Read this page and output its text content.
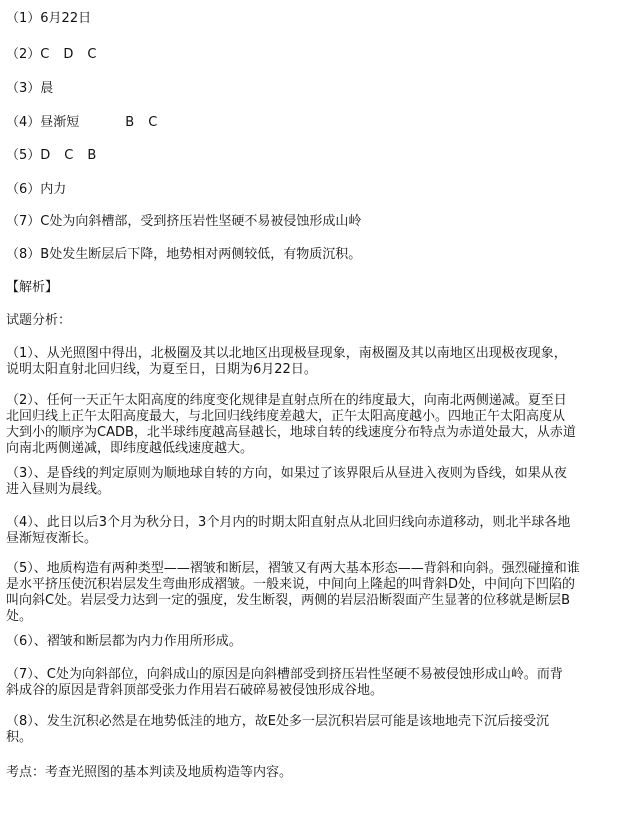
（1）6月22日
（2）C D C
（3）晨
（4）昼渐短	B C
（5）D C B
（6）内力
（7）C处为向斜槽部，受到挤压岩性坚硬不易被侵蚀形成山岭
（8）B处发生断层后下降，地势相对两侧较低，有物质沉积。
【解析】
试题分析：
（1）、从光照图中得出，北极圈及其以北地区出现极昼现象，南极圈及其以南地区出现极夜现象，
说明太阳直射北回归线，为夏至日，日期为6月22日。
（2）、任何一天正午太阳高度的纬度变化规律是直射点所在的纬度最大，向南北两侧递减。夏至日
北回归线上正午太阳高度最大，与北回归线纬度差越大，正午太阳高度越小。四地正午太阳高度从
大到小的顺序为CADB，北半球纬度越高昼越长，地球自转的线速度分布特点为赤道处最大，从赤道
向南北两侧递减，即纬度越低线速度越大。
（3）、是昏线的判定原则为顺地球自转的方向，如果过了该界限后从昼进入夜则为昏线，如果从夜
进入昼则为晨线。
（4）、此日以后3个月为秋分日，3个月内的时期太阳直射点从北回归线向赤道移动，则北半球各地
昼渐短夜渐长。
（5）、地质构造有两种类型——褶皱和断层，褶皱又有两大基本形态——背斜和向斜。强烈碰撞和谁
是水平挤压使沉积岩层发生弯曲形成褶皱。一般来说，中间向上隆起的叫背斜D处，中间向下凹陷的
叫向斜C处。岩层受力达到一定的强度，发生断裂，两侧的岩层沿断裂面产生显著的位移就是断层B
处。
（6）、褶皱和断层都为内力作用所形成。
（7）、C处为向斜部位，向斜成山的原因是向斜槽部受到挤压岩性坚硬不易被侵蚀形成山岭。而背
斜成谷的原因是背斜顶部受张力作用岩石破碎易被侵蚀形成谷地。
（8）、发生沉积必然是在地势低洼的地方，故E处多一层沉积岩层可能是该地地壳下沉后接受沉
积。
考点：考查光照图的基本判读及地质构造等内容。
